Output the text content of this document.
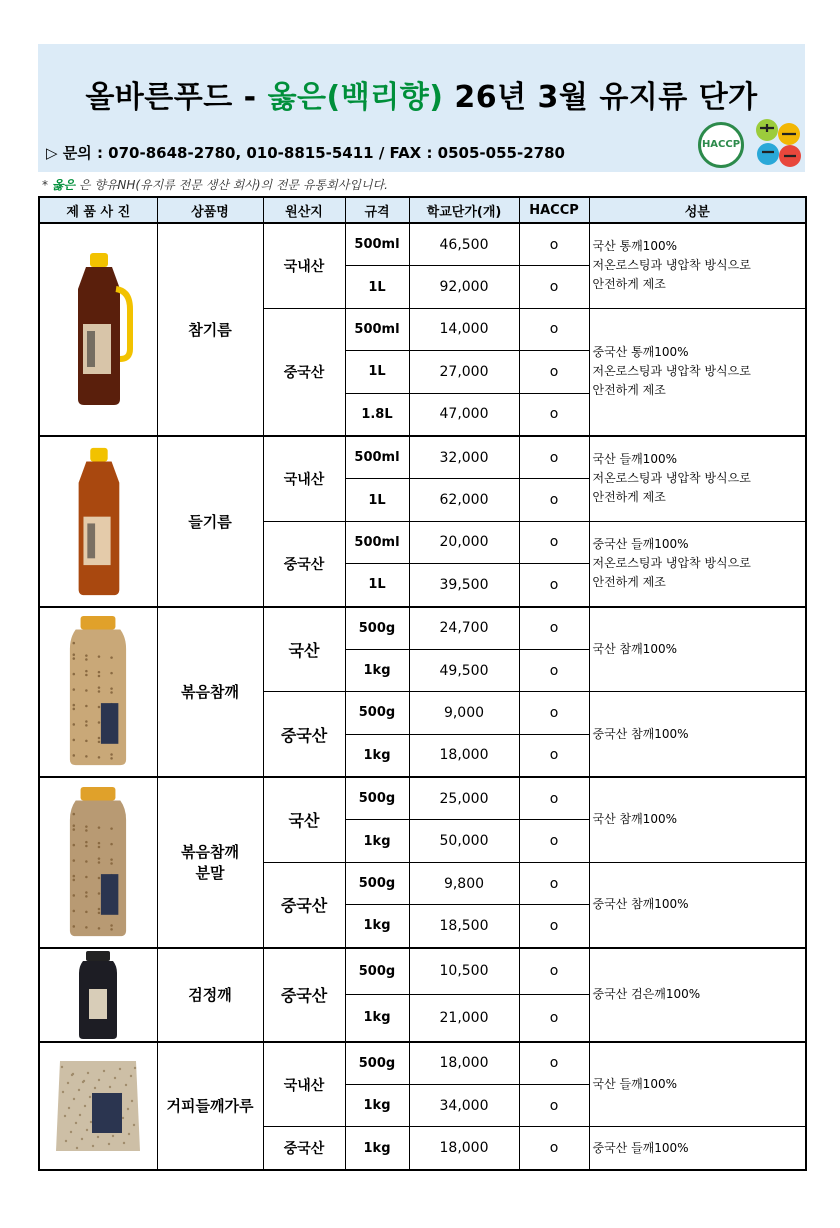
올바른푸드 - 옳은(백리향) 26년 3월 유지류 단가
▷ 문의 : 070-8648-2780, 010-8815-5411 / FAX : 0505-055-2780	HACCP
* 옳은 은 향유NH(유지류 전문 생산 회사)의 전문 유통회사입니다.
제 품 사 진	상품명	원산지	규격	학교단가(개)	HACCP	성분

	참기름	국내산	500ml	46,500	o	국산 통깨100%
저온로스팅과 냉압착 방식으로
안전하게 제조
			1L	92,000	o	
		중국산	500ml	14,000	o	중국산 통깨100%
저온로스팅과 냉압착 방식으로
안전하게 제조
			1L	27,000	o	
			1.8L	47,000	o	

	들기름	국내산	500ml	32,000	o	국산 들깨100%
저온로스팅과 냉압착 방식으로
안전하게 제조
			1L	62,000	o	
		중국산	500ml	20,000	o	중국산 들깨100%
저온로스팅과 냉압착 방식으로
안전하게 제조
			1L	39,500	o	

	볶음참깨	국산	500g	24,700	o	국산 참깨100%
			1kg	49,500	o	
		중국산	500g	9,000	o	중국산 참깨100%
			1kg	18,000	o	

	볶음참깨
분말	국산	500g	25,000	o	국산 참깨100%
			1kg	50,000	o	
		중국산	500g	9,800	o	중국산 참깨100%
			1kg	18,500	o	

	검정깨	중국산	500g	10,500	o	중국산 검은깨100%
			1kg	21,000	o	

	거피들깨가루	국내산	500g	18,000	o	국산 들깨100%
			1kg	34,000	o	
		중국산	1kg	18,000	o	중국산 들깨100%
